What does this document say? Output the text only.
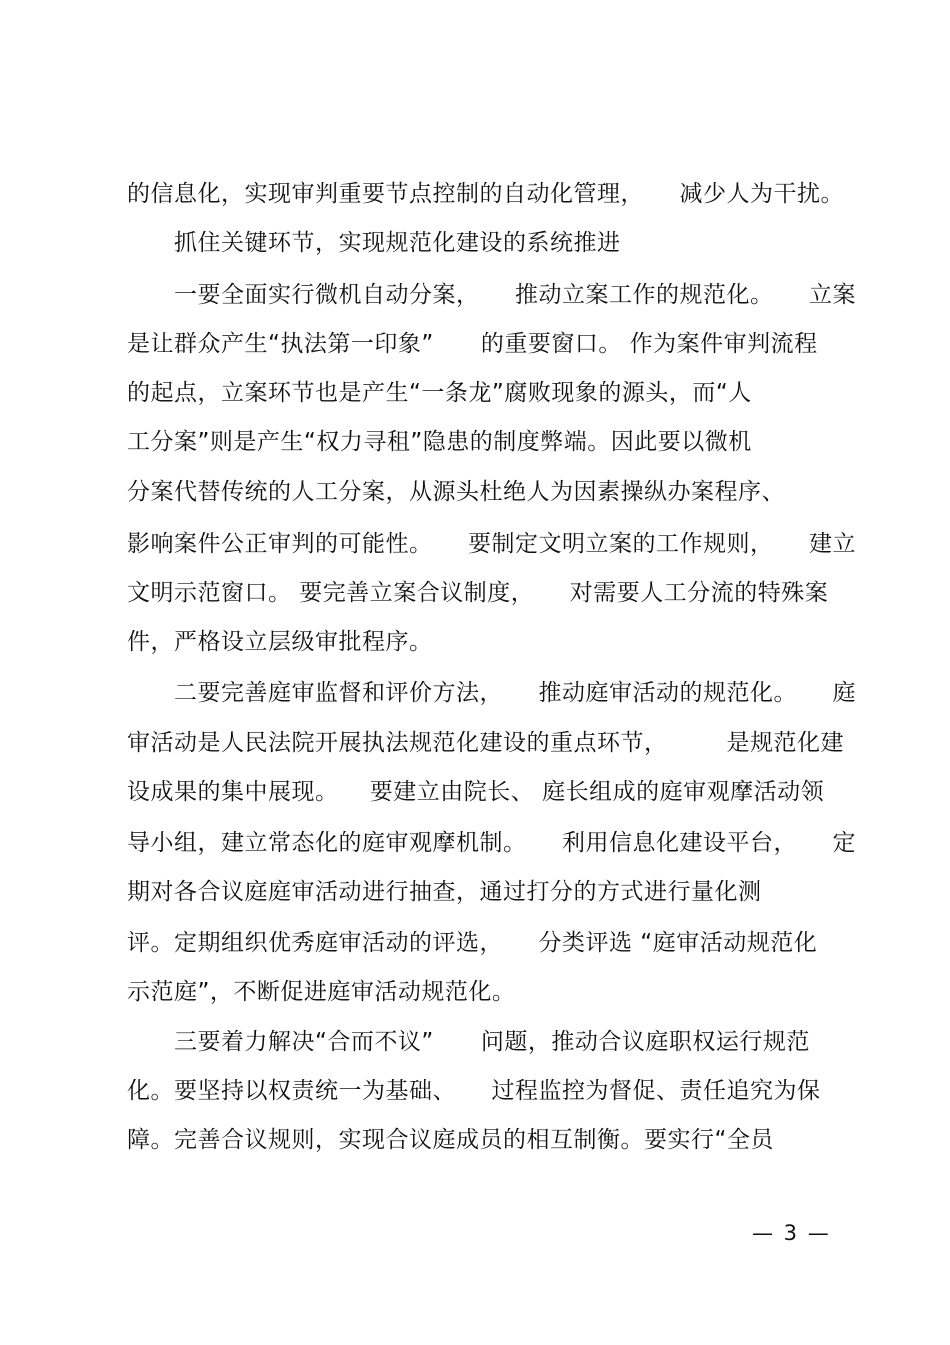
的信息化，实现审判重要节点控制的自动化管理，　　减少人为干扰。
　　抓住关键环节，实现规范化建设的系统推进
　　一要全面实行微机自动分案，　　推动立案工作的规范化。　　立案
是让群众产生“执法第一印象”　　的重要窗口。 作为案件审判流程
的起点，立案环节也是产生“一条龙”腐败现象的源头，而“人
工分案”则是产生“权力寻租”隐患的制度弊端。因此要以微机
分案代替传统的人工分案，从源头杜绝人为因素操纵办案程序、
影响案件公正审判的可能性。　　要制定文明立案的工作规则，　　建立
文明示范窗口。 要完善立案合议制度，　　对需要人工分流的特殊案
件，严格设立层级审批程序。
　　二要完善庭审监督和评价方法，　　推动庭审活动的规范化。　　庭
审活动是人民法院开展执法规范化建设的重点环节，　　　是规范化建
设成果的集中展现。 　要建立由院长、 庭长组成的庭审观摩活动领
导小组，建立常态化的庭审观摩机制。　　利用信息化建设平台，　　定
期对各合议庭庭审活动进行抽查，通过打分的方式进行量化测
评。定期组织优秀庭审活动的评选，　　分类评选 “庭审活动规范化
示范庭”，不断促进庭审活动规范化。
　　三要着力解决“合而不议”　　问题，推动合议庭职权运行规范
化。要坚持以权责统一为基础、　　过程监控为督促、责任追究为保
障。完善合议规则，实现合议庭成员的相互制衡。要实行“全员
— 3 —
